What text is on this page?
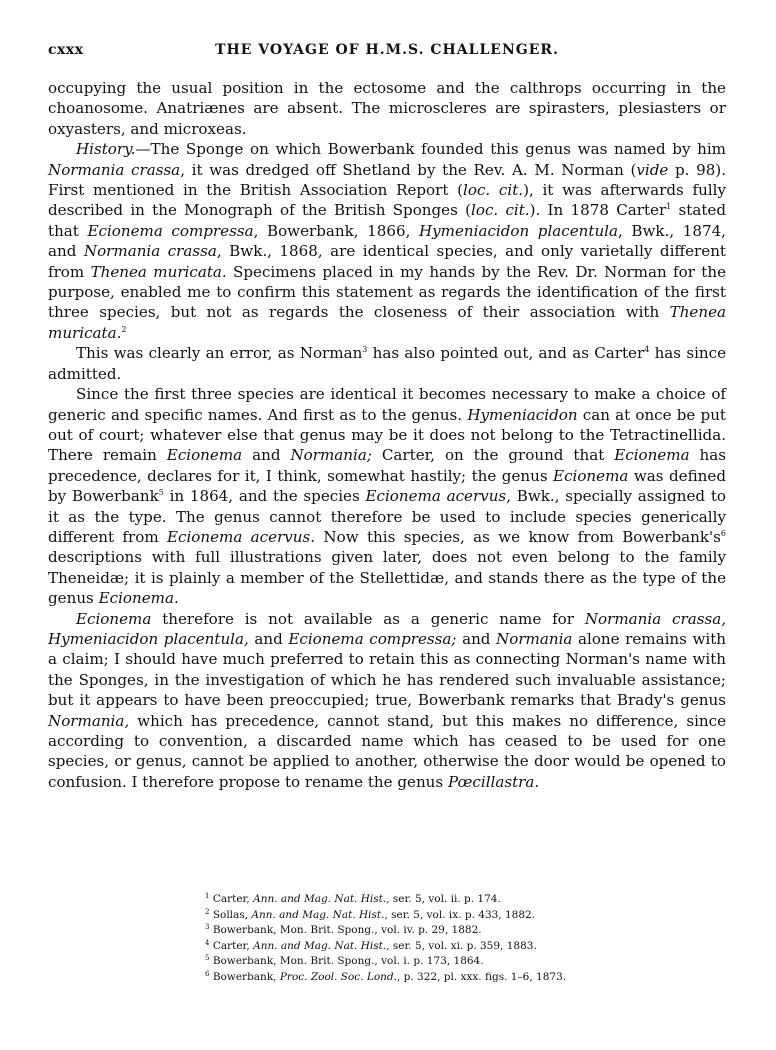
cxxx	THE VOYAGE OF H.M.S. CHALLENGER.

occupying the usual position in the ectosome and the calthrops occurring in the choanosome. Anatriænes are absent. The microscleres are spirasters, plesiasters or oxyasters, and microxeas.

History.—The Sponge on which Bowerbank founded this genus was named by him Normania crassa, it was dredged off Shetland by the Rev. A. M. Norman (vide p. 98). First mentioned in the British Association Report (loc. cit.), it was afterwards fully described in the Monograph of the British Sponges (loc. cit.). In 1878 Carter$^1$ stated that Ecionema compressa, Bowerbank, 1866, Hymeniacidon placentula, Bwk., 1874, and Normania crassa, Bwk., 1868, are identical species, and only varietally different from Thenea muricata. Specimens placed in my hands by the Rev. Dr. Norman for the purpose, enabled me to confirm this statement as regards the identification of the first three species, but not as regards the closeness of their association with Thenea muricata.$^2$

This was clearly an error, as Norman$^3$ has also pointed out, and as Carter$^4$ has since admitted.

Since the first three species are identical it becomes necessary to make a choice of generic and specific names. And first as to the genus. Hymeniacidon can at once be put out of court; whatever else that genus may be it does not belong to the Tetractinellida. There remain Ecionema and Normania; Carter, on the ground that Ecionema has precedence, declares for it, I think, somewhat hastily; the genus Ecionema was defined by Bowerbank$^5$ in 1864, and the species Ecionema acervus, Bwk., specially assigned to it as the type. The genus cannot therefore be used to include species generically different from Ecionema acervus. Now this species, as we know from $Bowerbank's^6$ descriptions with full illustrations given later, does not even belong to the family Theneidæ; it is plainly a member of the Stellettidæ, and stands there as the type of the genus Ecionema.

Ecionema therefore is not available as a generic name for Normania crassa, Hymeniacidon placentula, and Ecionema compressa; and Normania alone remains with a claim; I should have much preferred to retain this as connecting Norman's name with the Sponges, in the investigation of which he has rendered such invaluable assistance; but it appears to have been preoccupied; true, Bowerbank remarks that Brady's genus Normania, which has precedence, cannot stand, but this makes no difference, since according to convention, a discarded name which has ceased to be used for one species, or genus, cannot be applied to another, otherwise the door would be opened to confusion. I therefore propose to rename the genus Pœcillastra.

$^1$ Carter, Ann. and Mag. Nat. Hist., ser. 5, vol. ii. p. 174.
$^2$ Sollas, Ann. and Mag. Nat. Hist., ser. 5, vol. ix. p. 433, 1882.
$^3$ Bowerbank, Mon. Brit. Spong., vol. iv. p. 29, 1882.
$^4$ Carter, Ann. and Mag. Nat. Hist., ser. 5, vol. xi. p. 359, 1883.
$^5$ Bowerbank, Mon. Brit. Spong., vol. i. p. 173, 1864.
$^6$ Bowerbank, Proc. Zool. Soc. Lond., p. 322, pl. xxx. figs. 1–6, 1873.
